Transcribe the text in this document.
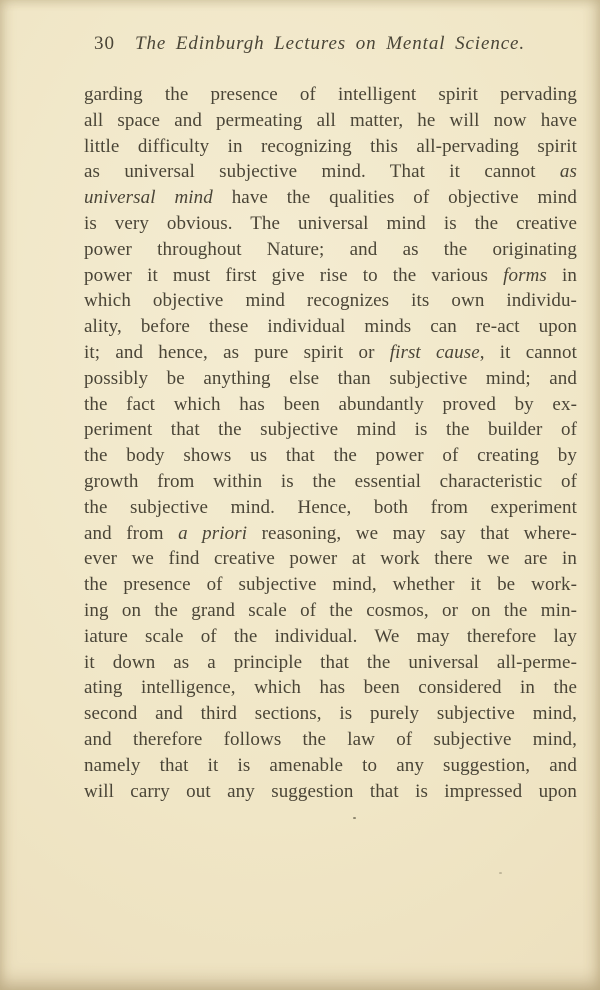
30 The Edinburgh Lectures on Mental Science.
garding the presence of intelligent spirit pervading
all space and permeating all matter, he will now have
little difficulty in recognizing this all-pervading spirit
as universal subjective mind. That it cannot as
universal mind have the qualities of objective mind
is very obvious. The universal mind is the creative
power throughout Nature; and as the originating
power it must first give rise to the various forms in
which objective mind recognizes its own individu-
ality, before these individual minds can re-act upon
it; and hence, as pure spirit or first cause, it cannot
possibly be anything else than subjective mind; and
the fact which has been abundantly proved by ex-
periment that the subjective mind is the builder of
the body shows us that the power of creating by
growth from within is the essential characteristic of
the subjective mind. Hence, both from experiment
and from a priori reasoning, we may say that where-
ever we find creative power at work there we are in
the presence of subjective mind, whether it be work-
ing on the grand scale of the cosmos, or on the min-
iature scale of the individual. We may therefore lay
it down as a principle that the universal all-perme-
ating intelligence, which has been considered in the
second and third sections, is purely subjective mind,
and therefore follows the law of subjective mind,
namely that it is amenable to any suggestion, and
will carry out any suggestion that is impressed upon
